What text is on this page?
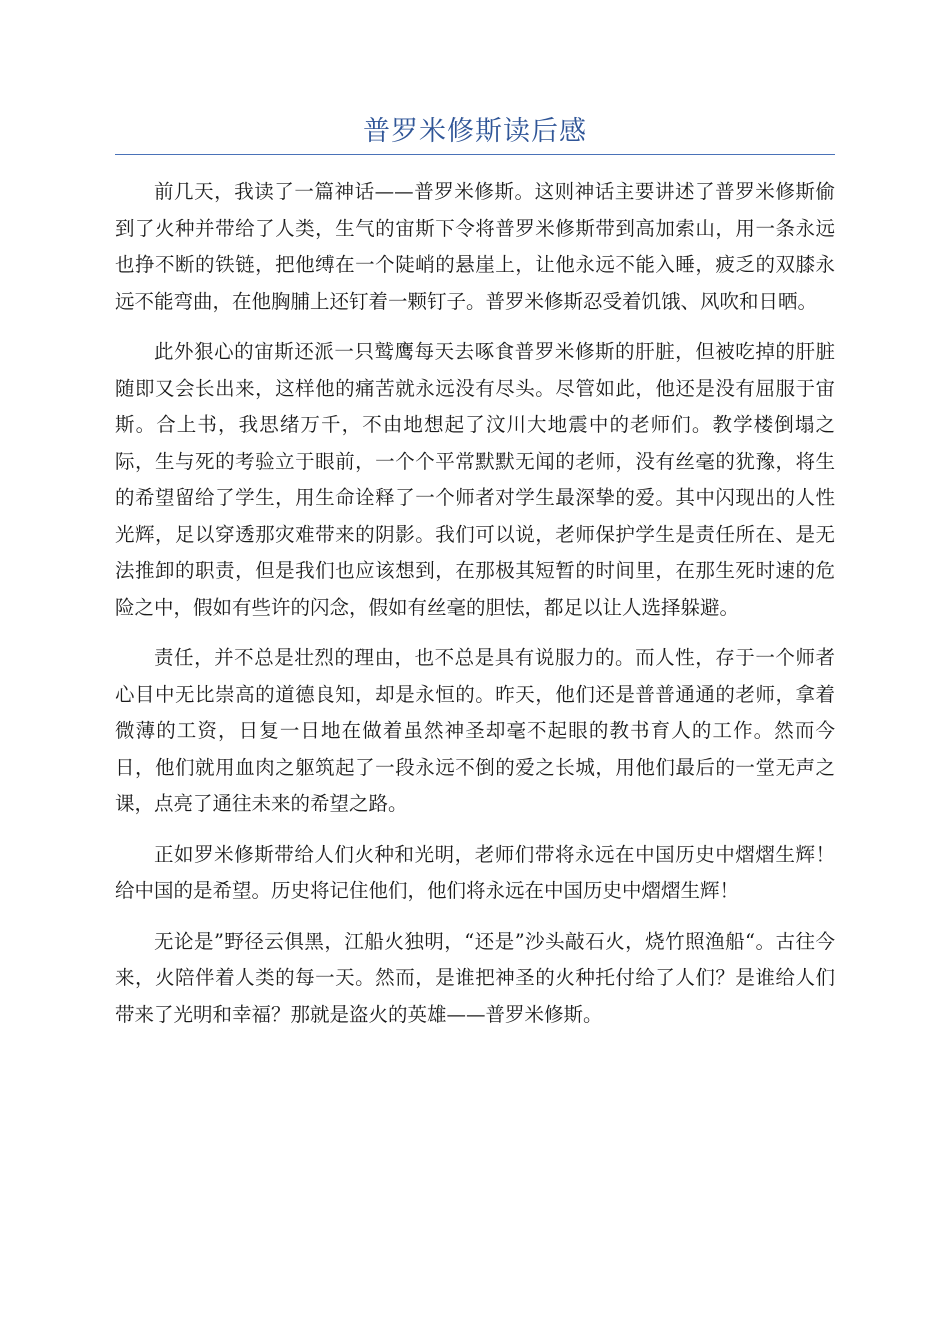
普罗米修斯读后感

前几天，我读了一篇神话——普罗米修斯。这则神话主要讲述了普罗米修斯偷到了火种并带给了人类，生气的宙斯下令将普罗米修斯带到高加索山，用一条永远也挣不断的铁链，把他缚在一个陡峭的悬崖上，让他永远不能入睡，疲乏的双膝永远不能弯曲，在他胸脯上还钉着一颗钉子。普罗米修斯忍受着饥饿、风吹和日晒。

此外狠心的宙斯还派一只鹫鹰每天去啄食普罗米修斯的肝脏，但被吃掉的肝脏随即又会长出来，这样他的痛苦就永远没有尽头。尽管如此，他还是没有屈服于宙斯。合上书，我思绪万千，不由地想起了汶川大地震中的老师们。教学楼倒塌之际，生与死的考验立于眼前，一个个平常默默无闻的老师，没有丝毫的犹豫，将生的希望留给了学生，用生命诠释了一个师者对学生最深挚的爱。其中闪现出的人性光辉，足以穿透那灾难带来的阴影。我们可以说，老师保护学生是责任所在、是无法推卸的职责，但是我们也应该想到，在那极其短暂的时间里，在那生死时速的危险之中，假如有些许的闪念，假如有丝毫的胆怯，都足以让人选择躲避。

责任，并不总是壮烈的理由，也不总是具有说服力的。而人性，存于一个师者心目中无比崇高的道德良知，却是永恒的。昨天，他们还是普普通通的老师，拿着微薄的工资，日复一日地在做着虽然神圣却毫不起眼的教书育人的工作。然而今日，他们就用血肉之躯筑起了一段永远不倒的爱之长城，用他们最后的一堂无声之课，点亮了通往未来的希望之路。

正如罗米修斯带给人们火种和光明，老师们带将永远在中国历史中熠熠生辉！给中国的是希望。历史将记住他们，他们将永远在中国历史中熠熠生辉！

无论是”野径云俱黑，江船火独明，“还是”沙头敲石火，烧竹照渔船“。古往今来，火陪伴着人类的每一天。然而，是谁把神圣的火种托付给了人们？是谁给人们带来了光明和幸福？那就是盗火的英雄——普罗米修斯。
